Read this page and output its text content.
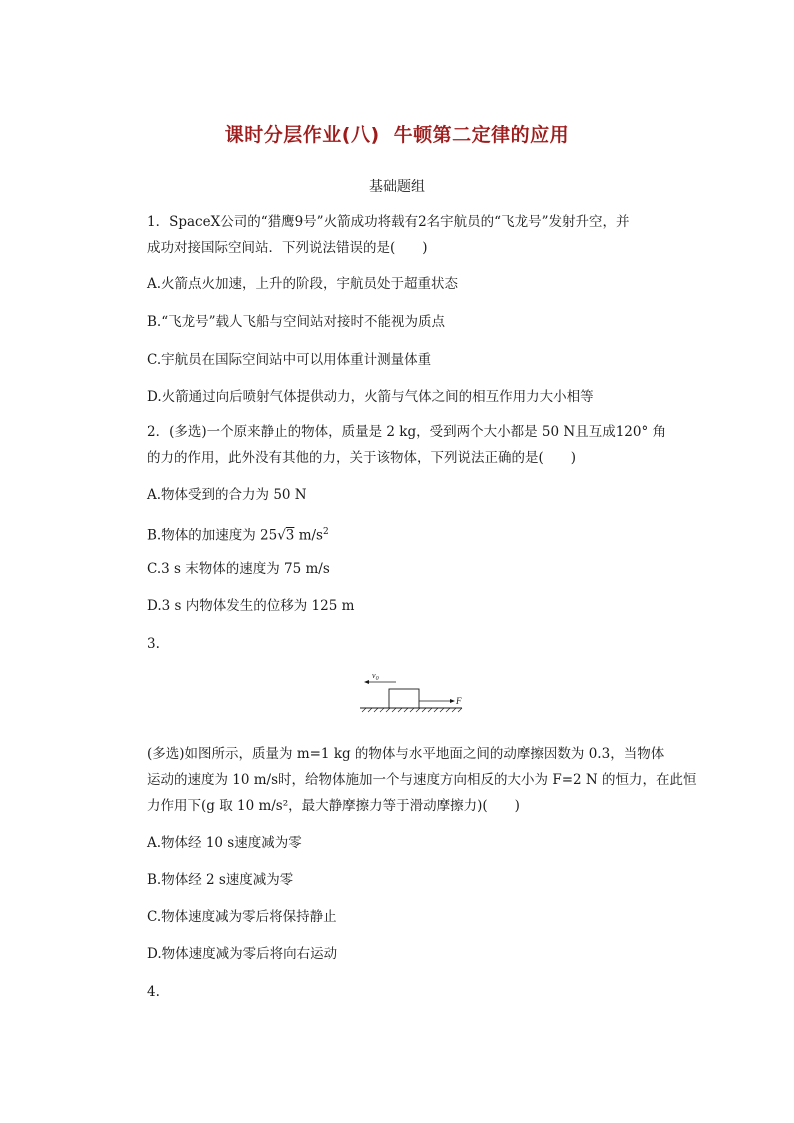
课时分层作业(八) 牛顿第二定律的应用
基础题组
1．SpaceX公司的“猎鹰9号”火箭成功将载有2名宇航员的“飞龙号”发射升空，并
成功对接国际空间站．下列说法错误的是(　　)
A.火箭点火加速，上升的阶段，宇航员处于超重状态
B.“飞龙号”载人飞船与空间站对接时不能视为质点
C.宇航员在国际空间站中可以用体重计测量体重
D.火箭通过向后喷射气体提供动力，火箭与气体之间的相互作用力大小相等
2．(多选)一个原来静止的物体，质量是 2 kg，受到两个大小都是 50 N且互成120° 角
的力的作用，此外没有其他的力，关于该物体，下列说法正确的是(　　)
A.物体受到的合力为 50 N
B.物体的加速度为 25√3 $m/s^2$
C.3 s 末物体的速度为 75 m/s
D.3 s 内物体发生的位移为 125 m
3.
$v_0$
F
(多选)如图所示，质量为 m=1 kg 的物体与水平地面之间的动摩擦因数为 0.3，当物体
运动的速度为 10 m/s时，给物体施加一个与速度方向相反的大小为 F=2 N 的恒力，在此恒
力作用下(g 取 10 m/s²，最大静摩擦力等于滑动摩擦力)(　　)
A.物体经 10 s速度减为零
B.物体经 2 s速度减为零
C.物体速度减为零后将保持静止
D.物体速度减为零后将向右运动
4.
